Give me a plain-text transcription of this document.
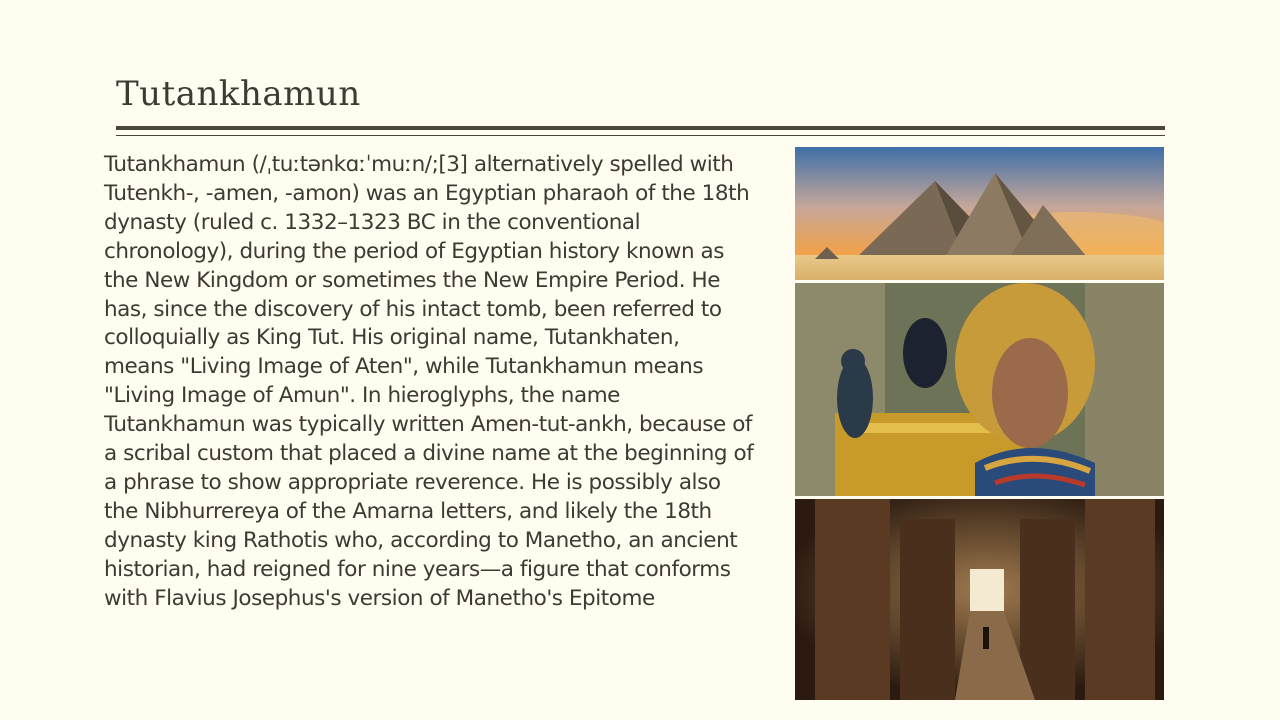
Tutankhamun

Tutankhamun (/ˌtuːtənkɑːˈmuːn/;[3] alternatively spelled with Tutenkh-, -amen, -amon) was an Egyptian pharaoh of the 18th dynasty (ruled c. 1332–1323 BC in the conventional chronology), during the period of Egyptian history known as the New Kingdom or sometimes the New Empire Period. He has, since the discovery of his intact tomb, been referred to colloquially as King Tut. His original name, Tutankhaten, means "Living Image of Aten", while Tutankhamun means "Living Image of Amun". In hieroglyphs, the name Tutankhamun was typically written Amen-tut-ankh, because of a scribal custom that placed a divine name at the beginning of a phrase to show appropriate reverence. He is possibly also the Nibhurrereya of the Amarna letters, and likely the 18th dynasty king Rathotis who, according to Manetho, an ancient historian, had reigned for nine years—a figure that conforms with Flavius Josephus's version of Manetho's Epitome
